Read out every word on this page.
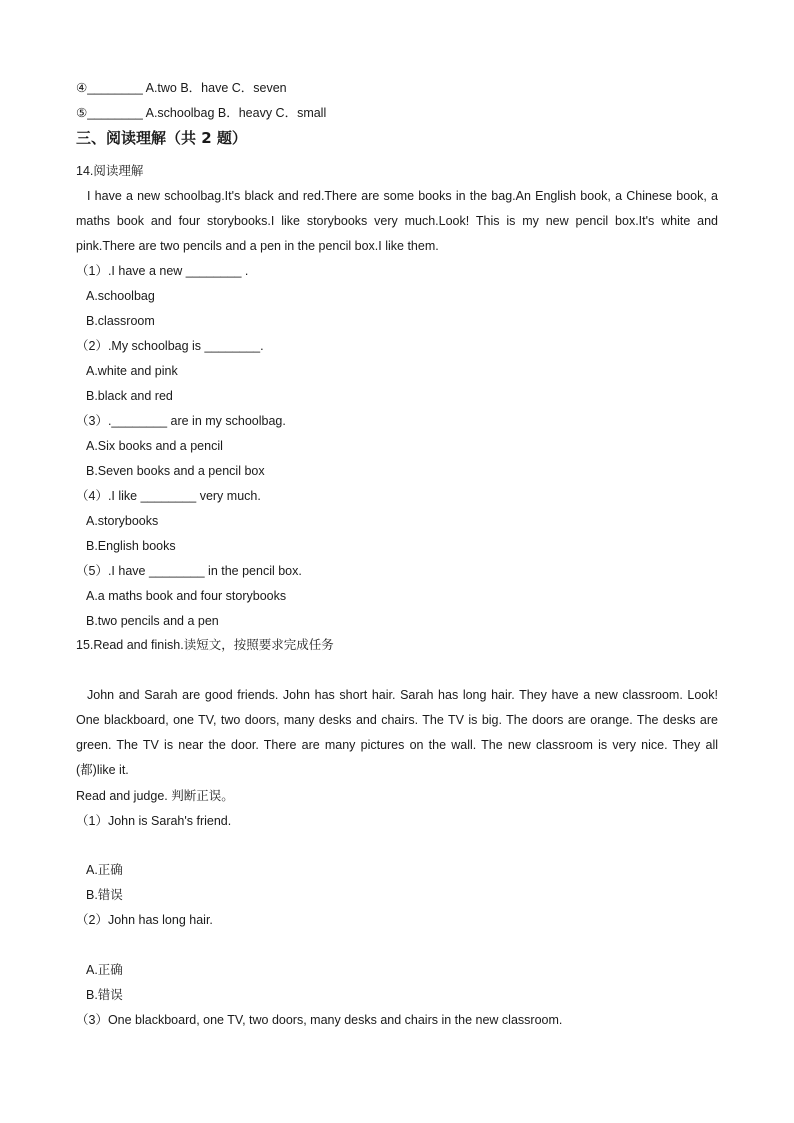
④________ A.two B．have C．seven
⑤________ A.schoolbag B．heavy C．small
三、阅读理解（共 2 题）
14.阅读理解
I have a new schoolbag.It's black and red.There are some books in the bag.An English book, a Chinese book, a maths book and four storybooks.I like storybooks very much.Look! This is my new pencil box.It's white and pink.There are two pencils and a pen in the pencil box.I like them.
（1）.I have a new ________ .
A.schoolbag
B.classroom
（2）.My schoolbag is ________.
A.white and pink
B.black and red
（3）.________ are in my schoolbag.
A.Six books and a pencil
B.Seven books and a pencil box
（4）.I like ________ very much.
A.storybooks
B.English books
（5）.I have ________ in the pencil box.
A.a maths book and four storybooks
B.two pencils and a pen
15.Read and finish.读短文，按照要求完成任务
John and Sarah are good friends. John has short hair. Sarah has long hair. They have a new classroom. Look! One blackboard, one TV, two doors, many desks and chairs. The TV is big. The doors are orange. The desks are green. The TV is near the door. There are many pictures on the wall. The new classroom is very nice. They all (都)like it.
Read and judge. 判断正误。
（1）John is Sarah's friend.
A.正确
B.错误
（2）John has long hair.
A.正确
B.错误
（3）One blackboard, one TV, two doors, many desks and chairs in the new classroom.
